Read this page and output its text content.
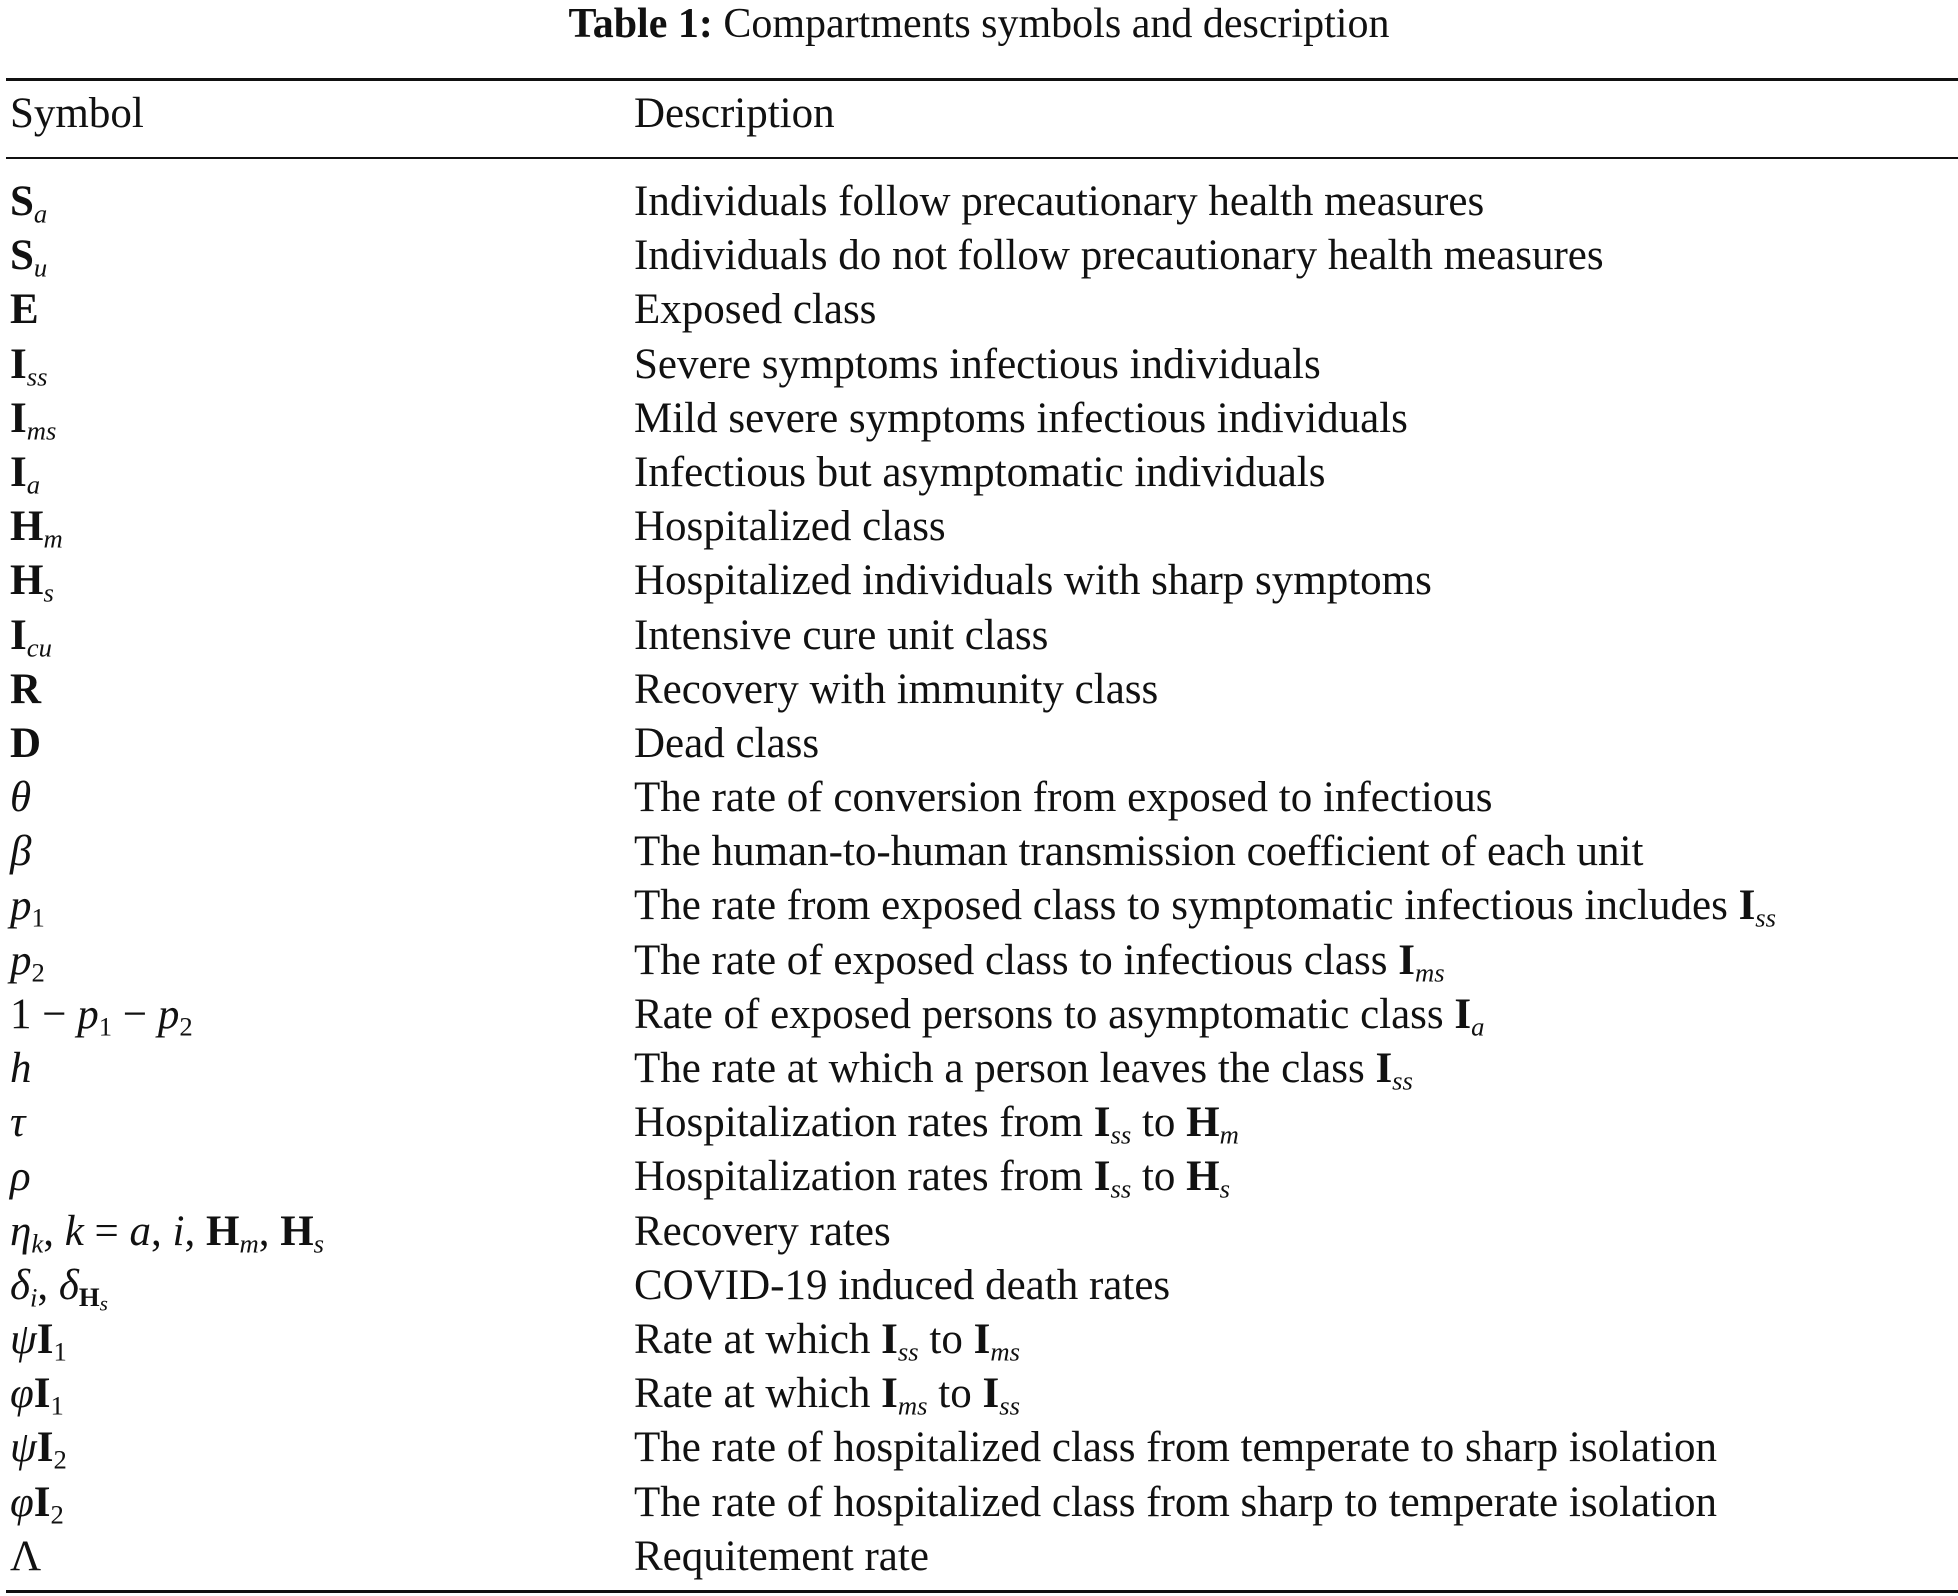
Table 1: Compartments symbols and description
Symbol	Description
$S_a$	Individuals follow precautionary health measures
$S_u$	Individuals do not follow precautionary health measures
E	Exposed class
$I_{ss}$	Severe symptoms infectious individuals
$I_{ms}$	Mild severe symptoms infectious individuals
$I_a$	Infectious but asymptomatic individuals
$H_m$	Hospitalized class
$H_s$	Hospitalized individuals with sharp symptoms
$I_{cu}$	Intensive cure unit class
R	Recovery with immunity class
D	Dead class
θ	The rate of conversion from exposed to infectious
β	The human-to-human transmission coefficient of each unit
$p_1$	The rate from exposed class to symptomatic infectious includes $I_{ss}$
$p_2$	The rate of exposed class to infectious class $I_{ms}$
$1 - p_1 - p_2$	Rate of exposed persons to asymptomatic class $I_a$
h	The rate at which a person leaves the class $I_{ss}$
τ	Hospitalization rates from $I_{ss}$ to $H_m$
ρ	Hospitalization rates from $I_{ss}$ to $H_s$
$\eta_k$, k = a, i, $H_m$, $H_s$	Recovery rates
$\delta_i$, $\delta_{H_s}$	COVID-19 induced death rates
$\psi I_1$	Rate at which $I_{ss}$ to $I_{ms}$
$\varphi I_1$	Rate at which $I_{ms}$ to $I_{ss}$
$\psi I_2$	The rate of hospitalized class from temperate to sharp isolation
$\varphi I_2$	The rate of hospitalized class from sharp to temperate isolation
Λ	Requitement rate
